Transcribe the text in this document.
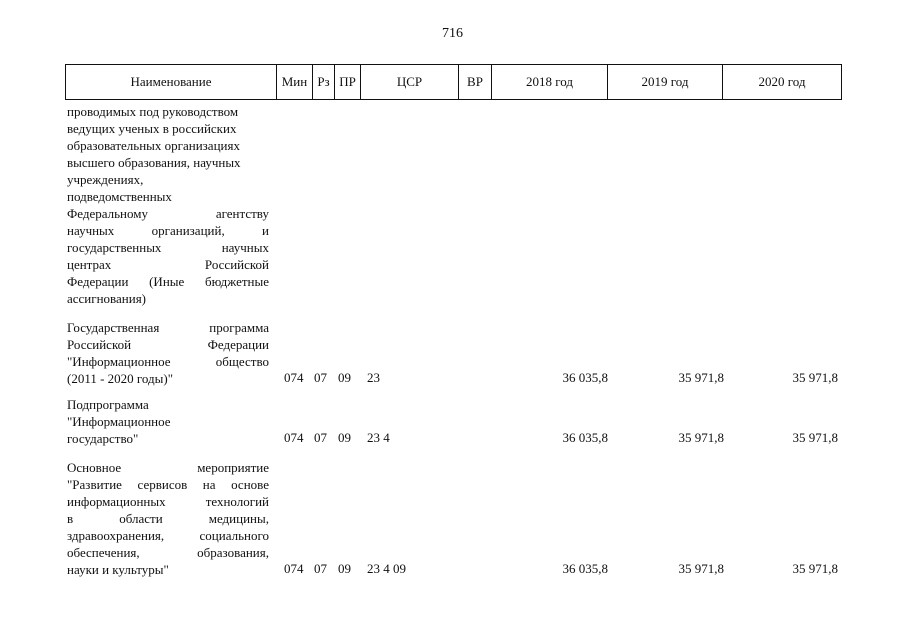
716
Наименование	Мин Рз ПР	ЦСР	ВР	2018 год	2019 год	2020 год
проводимых под руководством
ведущих ученых в российских
образовательных организациях
высшего образования, научных
учреждениях,
подведомственных
Федеральному агентству
научных организаций, и
государственных научных
центрах Российской
Федерации (Иные бюджетные
ассигнования)
Государственная программа
Российской Федерации
"Информационное общество
(2011 - 2020 годы)"	074 07 09 23	36 035,8	35 971,8	35 971,8
Подпрограмма
"Информационное
государство"	074 07 09 23 4	36 035,8	35 971,8	35 971,8
Основное мероприятие
"Развитие сервисов на основе
информационных технологий
в области медицины,
здравоохранения, социального
обеспечения, образования,
науки и культуры"	074 07 09 23 4 09	36 035,8	35 971,8	35 971,8
